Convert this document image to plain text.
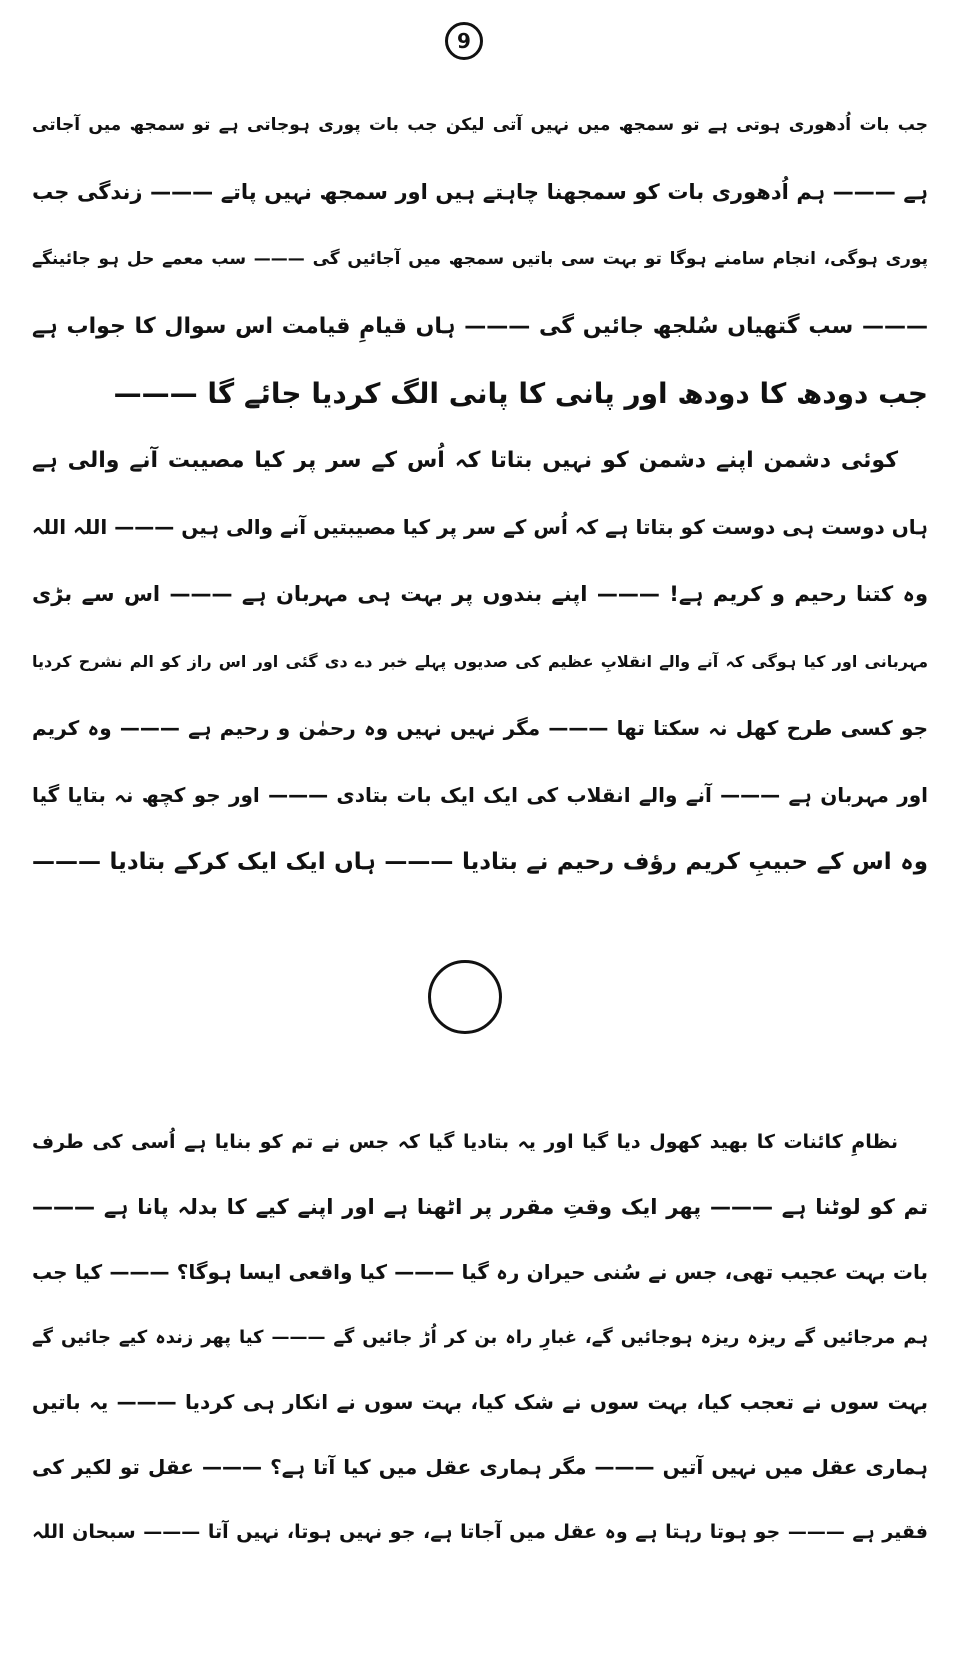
9
جب بات اُدھوری ہوتی ہے تو سمجھ میں نہیں آتی لیکن جب بات پوری ہوجاتی ہے تو سمجھ میں آجاتی
ہے ——— ہم اُدھوری بات کو سمجھنا چاہتے ہیں اور سمجھ نہیں پاتے ——— زندگی جب
پوری ہوگی، انجام سامنے ہوگا تو بہت سی باتیں سمجھ میں آجائیں گی ——— سب معمے حل ہو جائینگے
——— سب گتھیاں سُلجھ جائیں گی ——— ہاں قیامِ قیامت اس سوال کا جواب ہے
جب دودھ کا دودھ اور پانی کا پانی الگ کردیا جائے گا ———
کوئی دشمن اپنے دشمن کو نہیں بتاتا کہ اُس کے سر پر کیا مصیبت آنے والی ہے
ہاں دوست ہی دوست کو بتاتا ہے کہ اُس کے سر پر کیا مصیبتیں آنے والی ہیں ——— اللہ اللہ
وہ کتنا رحیم و کریم ہے! ——— اپنے بندوں پر بہت ہی مہربان ہے ——— اس سے بڑی
مہربانی اور کیا ہوگی کہ آنے والے انقلابِ عظیم کی صدیوں پہلے خبر دے دی گئی اور اس راز کو الم نشرح کردیا
جو کسی طرح کھل نہ سکتا تھا ——— مگر نہیں نہیں وہ رحمٰن و رحیم ہے ——— وہ کریم
اور مہربان ہے ——— آنے والے انقلاب کی ایک ایک بات بتادی ——— اور جو کچھ نہ بتایا گیا
وہ اس کے حبیبِ کریم رؤف رحیم نے بتادیا ——— ہاں ایک ایک کرکے بتادیا ———
نظامِ کائنات کا بھید کھول دیا گیا اور یہ بتادیا گیا کہ جس نے تم کو بنایا ہے اُسی کی طرف
تم کو لوٹنا ہے ——— پھر ایک وقتِ مقرر پر اٹھنا ہے اور اپنے کیے کا بدلہ پانا ہے ———
بات بہت عجیب تھی، جس نے سُنی حیران رہ گیا ——— کیا واقعی ایسا ہوگا؟ ——— کیا جب
ہم مرجائیں گے ریزہ ریزہ ہوجائیں گے، غبارِ راہ بن کر اُڑ جائیں گے ——— کیا پھر زندہ کیے جائیں گے
بہت سوں نے تعجب کیا، بہت سوں نے شک کیا، بہت سوں نے انکار ہی کردیا ——— یہ باتیں
ہماری عقل میں نہیں آتیں ——— مگر ہماری عقل میں کیا آتا ہے؟ ——— عقل تو لکیر کی
فقیر ہے ——— جو ہوتا رہتا ہے وہ عقل میں آجاتا ہے، جو نہیں ہوتا، نہیں آتا ——— سبحان اللہ
